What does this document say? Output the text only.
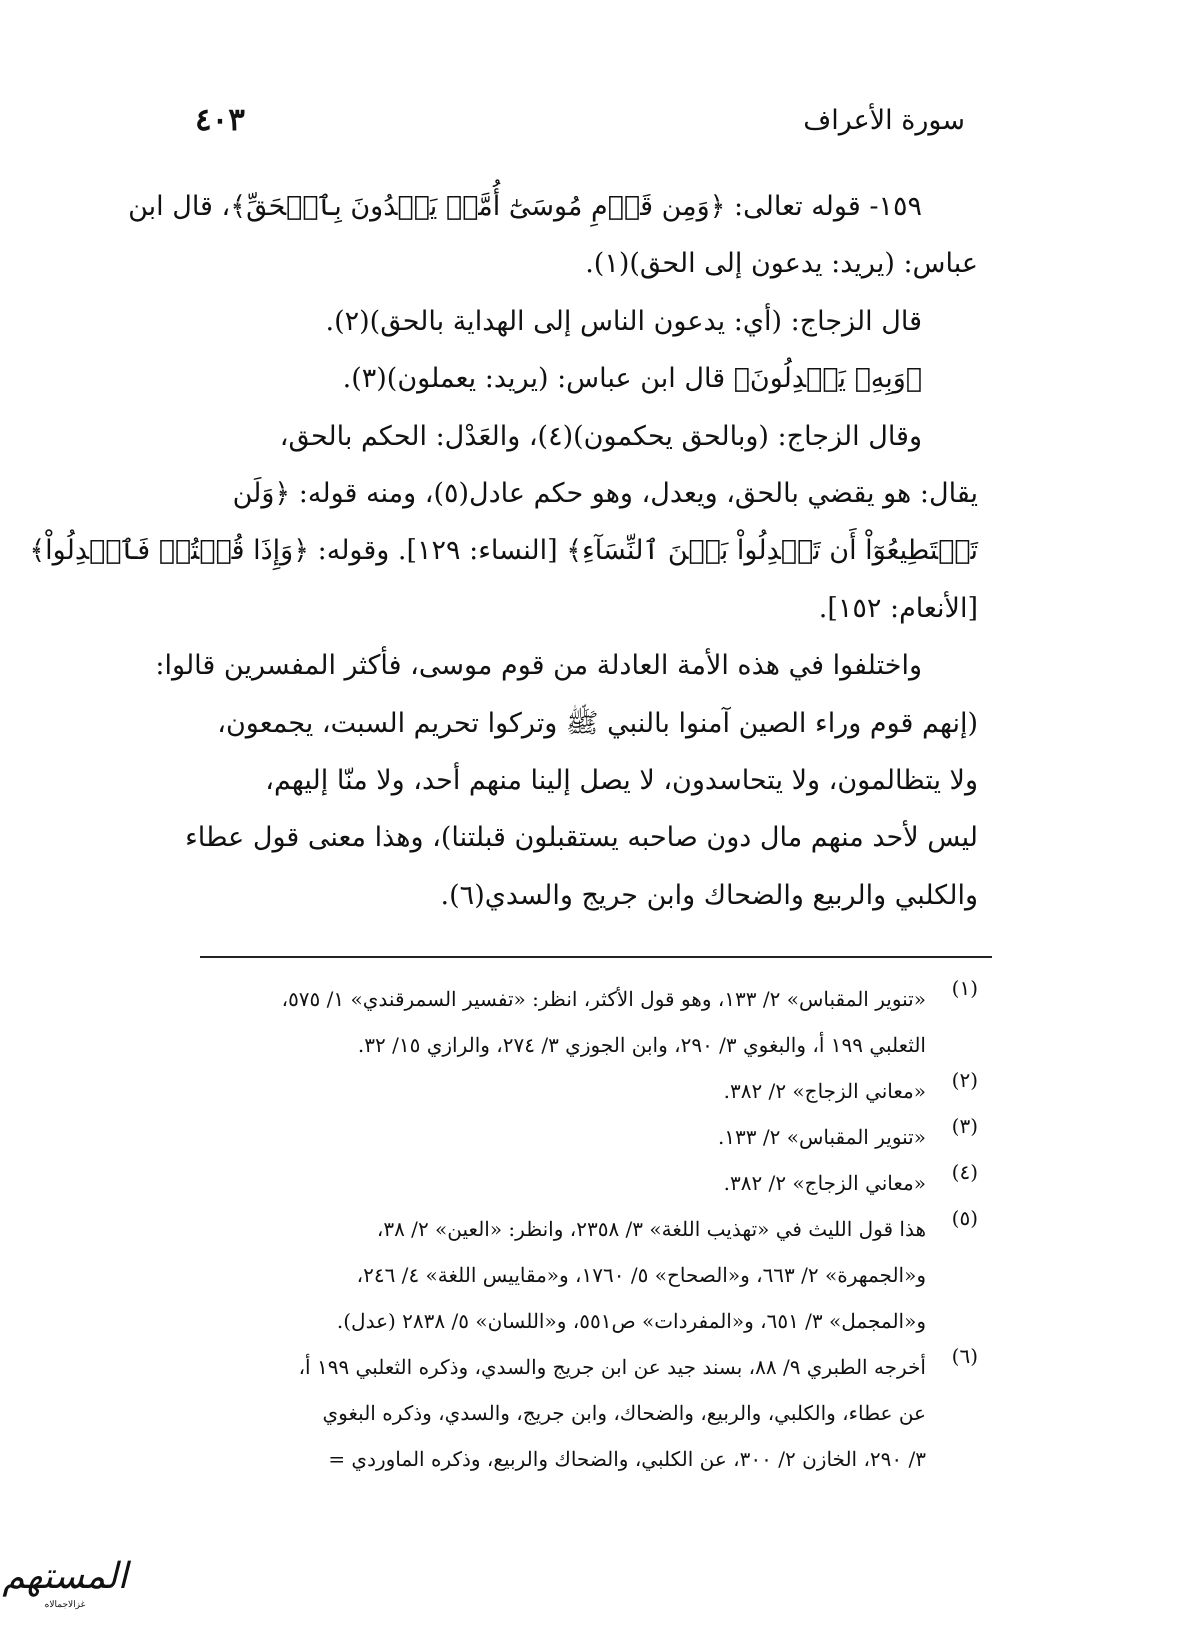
سورة الأعراف
٤٠٣
١٥٩- قوله تعالى: ﴿وَمِن قَوۡمِ مُوسَىٰٓ أُمَّةٞ يَهۡدُونَ بِٱلۡحَقِّ﴾، قال ابن
عباس: (يريد: يدعون إلى الحق)(١).
قال الزجاج: (أي: يدعون الناس إلى الهداية بالحق)(٢).
﴿وَبِهِۦ يَعۡدِلُونَ﴾ قال ابن عباس: (يريد: يعملون)(٣).
وقال الزجاج: (وبالحق يحكمون)(٤)، والعَدْل: الحكم بالحق،
يقال: هو يقضي بالحق، ويعدل، وهو حكم عادل(٥)، ومنه قوله: ﴿وَلَن
تَسۡتَطِيعُوٓاْ أَن تَعۡدِلُواْ بَيۡنَ ٱلنِّسَآءِ﴾ [النساء: ١٢٩]. وقوله: ﴿وَإِذَا قُلۡتُمۡ فَٱعۡدِلُواْ﴾
[الأنعام: ١٥٢].
واختلفوا في هذه الأمة العادلة من قوم موسى، فأكثر المفسرين قالوا:
(إنهم قوم وراء الصين آمنوا بالنبي ﷺ وتركوا تحريم السبت، يجمعون،
ولا يتظالمون، ولا يتحاسدون، لا يصل إلينا منهم أحد، ولا منّا إليهم،
ليس لأحد منهم مال دون صاحبه يستقبلون قبلتنا)، وهذا معنى قول عطاء
والكلبي والربيع والضحاك وابن جريج والسدي(٦).
(١)
«تنوير المقباس» ٢/ ١٣٣، وهو قول الأكثر، انظر: «تفسير السمرقندي» ١/ ٥٧٥،
الثعلبي ١٩٩ أ، والبغوي ٣/ ٢٩٠، وابن الجوزي ٣/ ٢٧٤، والرازي ١٥/ ٣٢.
(٢)
«معاني الزجاج» ٢/ ٣٨٢.
(٣)
«تنوير المقباس» ٢/ ١٣٣.
(٤)
«معاني الزجاج» ٢/ ٣٨٢.
(٥)
هذا قول الليث في «تهذيب اللغة» ٣/ ٢٣٥٨، وانظر: «العين» ٢/ ٣٨،
و«الجمهرة» ٢/ ٦٦٣، و«الصحاح» ٥/ ١٧٦٠، و«مقاييس اللغة» ٤/ ٢٤٦،
و«المجمل» ٣/ ٦٥١، و«المفردات» ص٥٥١، و«اللسان» ٥/ ٢٨٣٨ (عدل).
(٦)
أخرجه الطبري ٩/ ٨٨، بسند جيد عن ابن جريج والسدي، وذكره الثعلبي ١٩٩ أ،
عن عطاء، والكلبي، والربيع، والضحاك، وابن جريج، والسدي، وذكره البغوي
٣/ ٢٩٠، الخازن ٢/ ٣٠٠، عن الكلبي، والضحاك والربيع، وذكره الماوردي =
المستهم
غزالاجمالاه
